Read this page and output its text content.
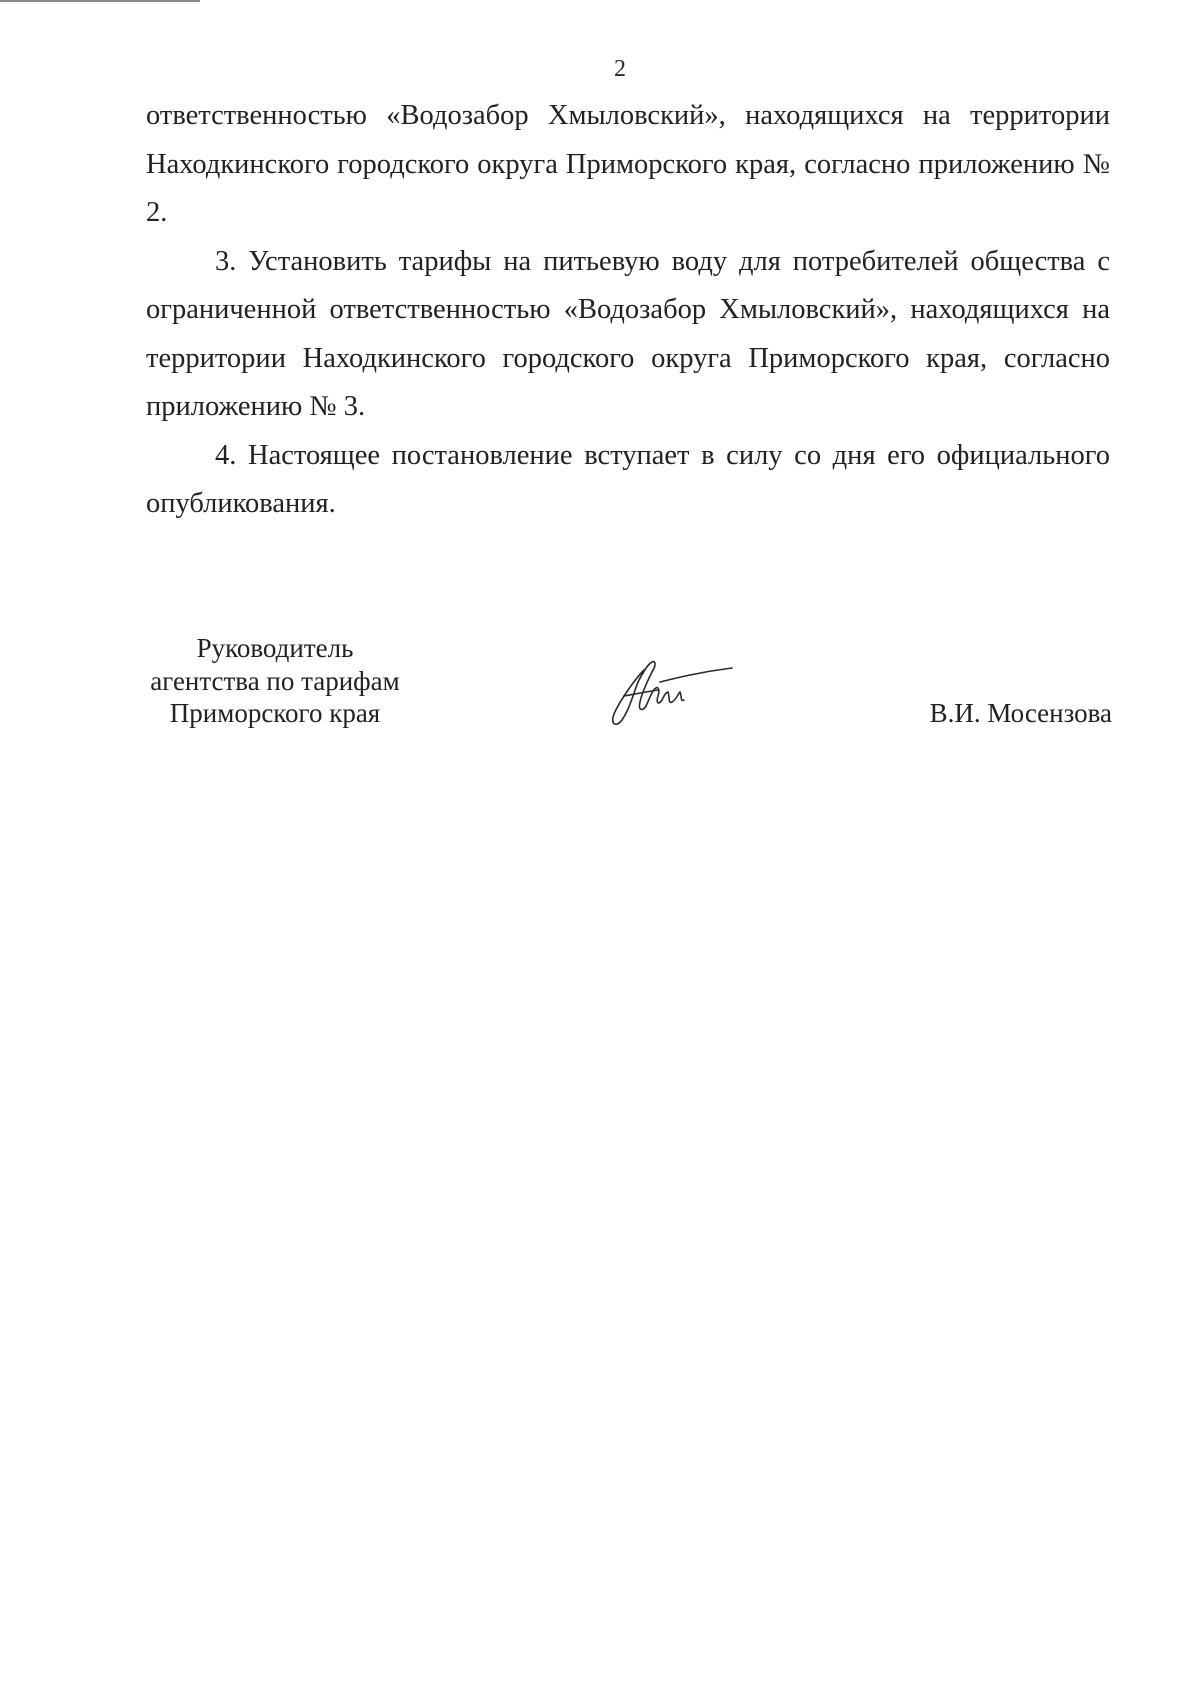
2

ответственностью «Водозабор Хмыловский», находящихся на территории Находкинского городского округа Приморского края, согласно приложению № 2.

3. Установить тарифы на питьевую воду для потребителей общества с ограниченной ответственностью «Водозабор Хмыловский», находящихся на территории Находкинского городского округа Приморского края, согласно приложению № 3.

4. Настоящее постановление вступает в силу со дня его официального опубликования.

Руководитель
агентства по тарифам
Приморского края	В.И. Мосензова
